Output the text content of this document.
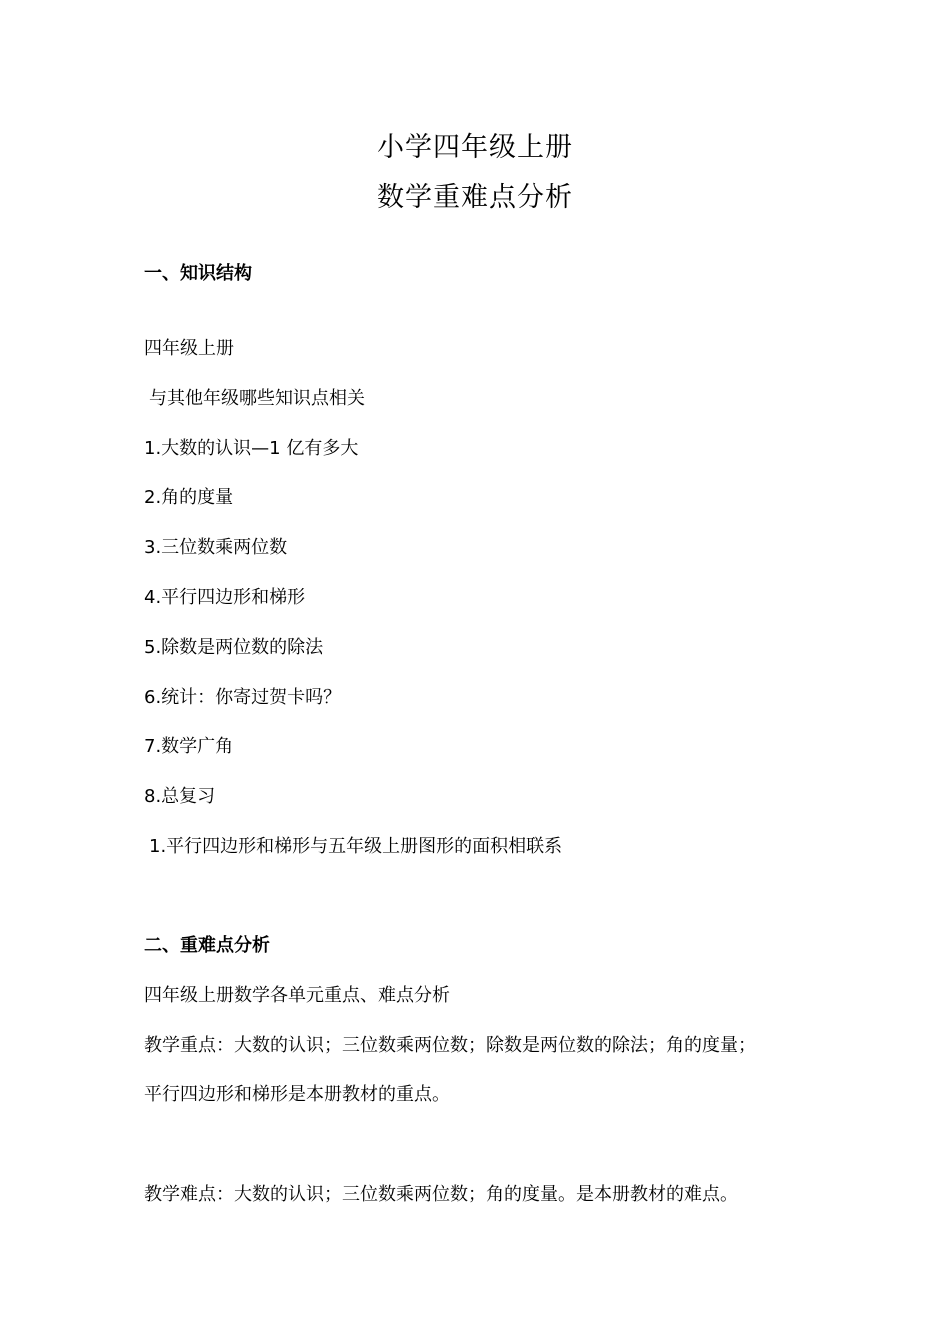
小学四年级上册
数学重难点分析
一、知识结构
四年级上册
与其他年级哪些知识点相关
1.大数的认识—1 亿有多大
2.角的度量
3.三位数乘两位数
4.平行四边形和梯形
5.除数是两位数的除法
6.统计：你寄过贺卡吗？
7.数学广角
8.总复习
1.平行四边形和梯形与五年级上册图形的面积相联系
二、重难点分析
四年级上册数学各单元重点、难点分析
教学重点：大数的认识；三位数乘两位数；除数是两位数的除法；角的度量；
平行四边形和梯形是本册教材的重点。
教学难点：大数的认识；三位数乘两位数；角的度量。是本册教材的难点。
